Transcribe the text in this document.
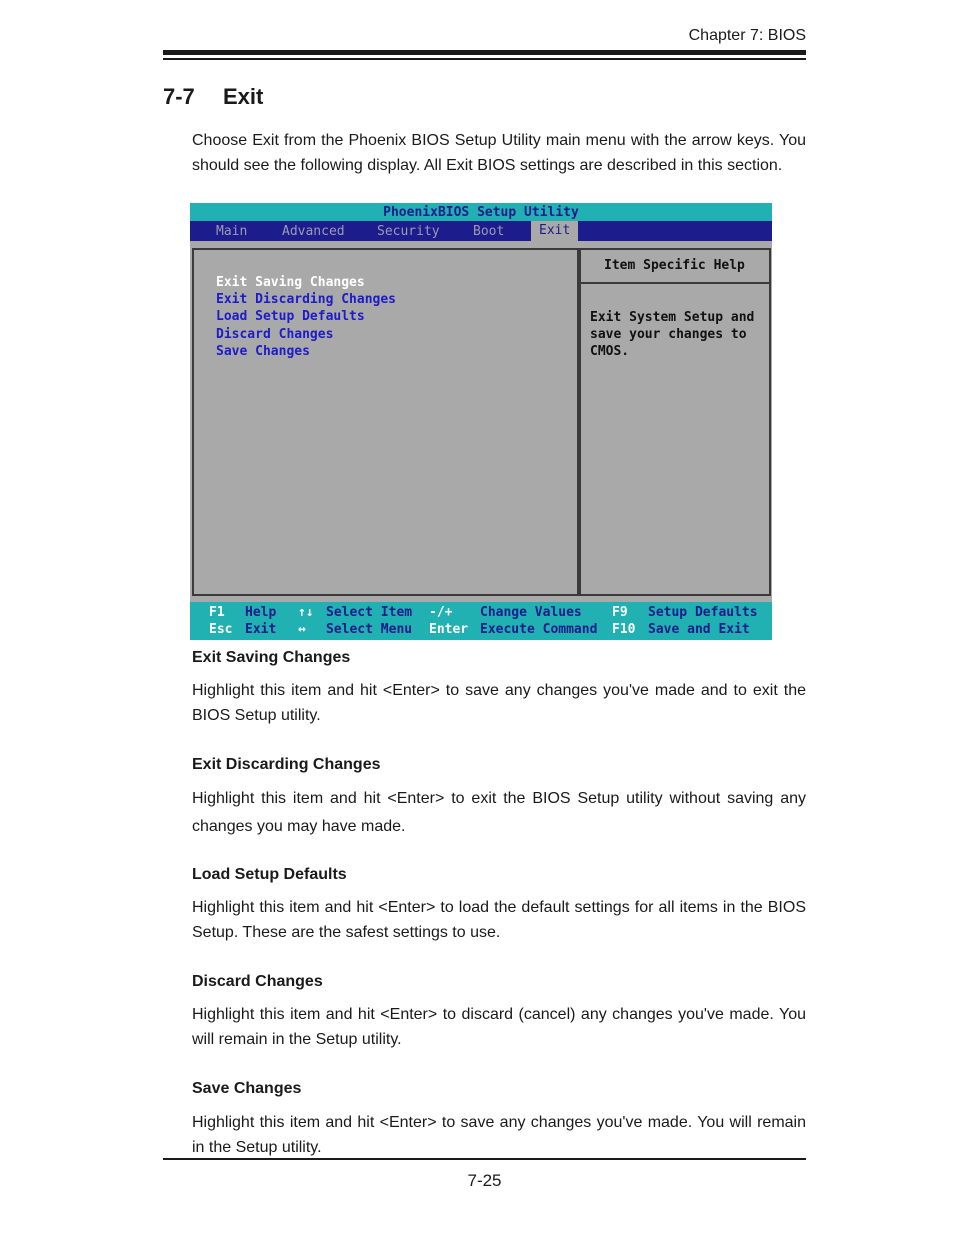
Chapter 7: BIOS
7-7 Exit
Choose Exit from the Phoenix BIOS Setup Utility main menu with the arrow keys. You should see the following display. All Exit BIOS settings are described in this section.
PhoenixBIOS Setup Utility
Main	Advanced Security	Boot	Exit
Exit Saving Changes
Exit Discarding Changes
Load Setup Defaults
Discard Changes
Save Changes
Item Specific Help
Exit System Setup and
save your changes to
CMOS.
F1 Help ↑↓ Select Item -/+ Change Values F9 Setup Defaults
Esc Exit ↔ Select Menu Enter Execute Command F10 Save and Exit
Exit Saving Changes
Highlight this item and hit <Enter> to save any changes you've made and to exit the BIOS Setup utility.
Exit Discarding Changes
Highlight this item and hit <Enter> to exit the BIOS Setup utility without saving any changes you may have made.
Load Setup Defaults
Highlight this item and hit <Enter> to load the default settings for all items in the BIOS Setup. These are the safest settings to use.
Discard Changes
Highlight this item and hit <Enter> to discard (cancel) any changes you've made. You will remain in the Setup utility.
Save Changes
Highlight this item and hit <Enter> to save any changes you've made. You will remain in the Setup utility.
7-25
